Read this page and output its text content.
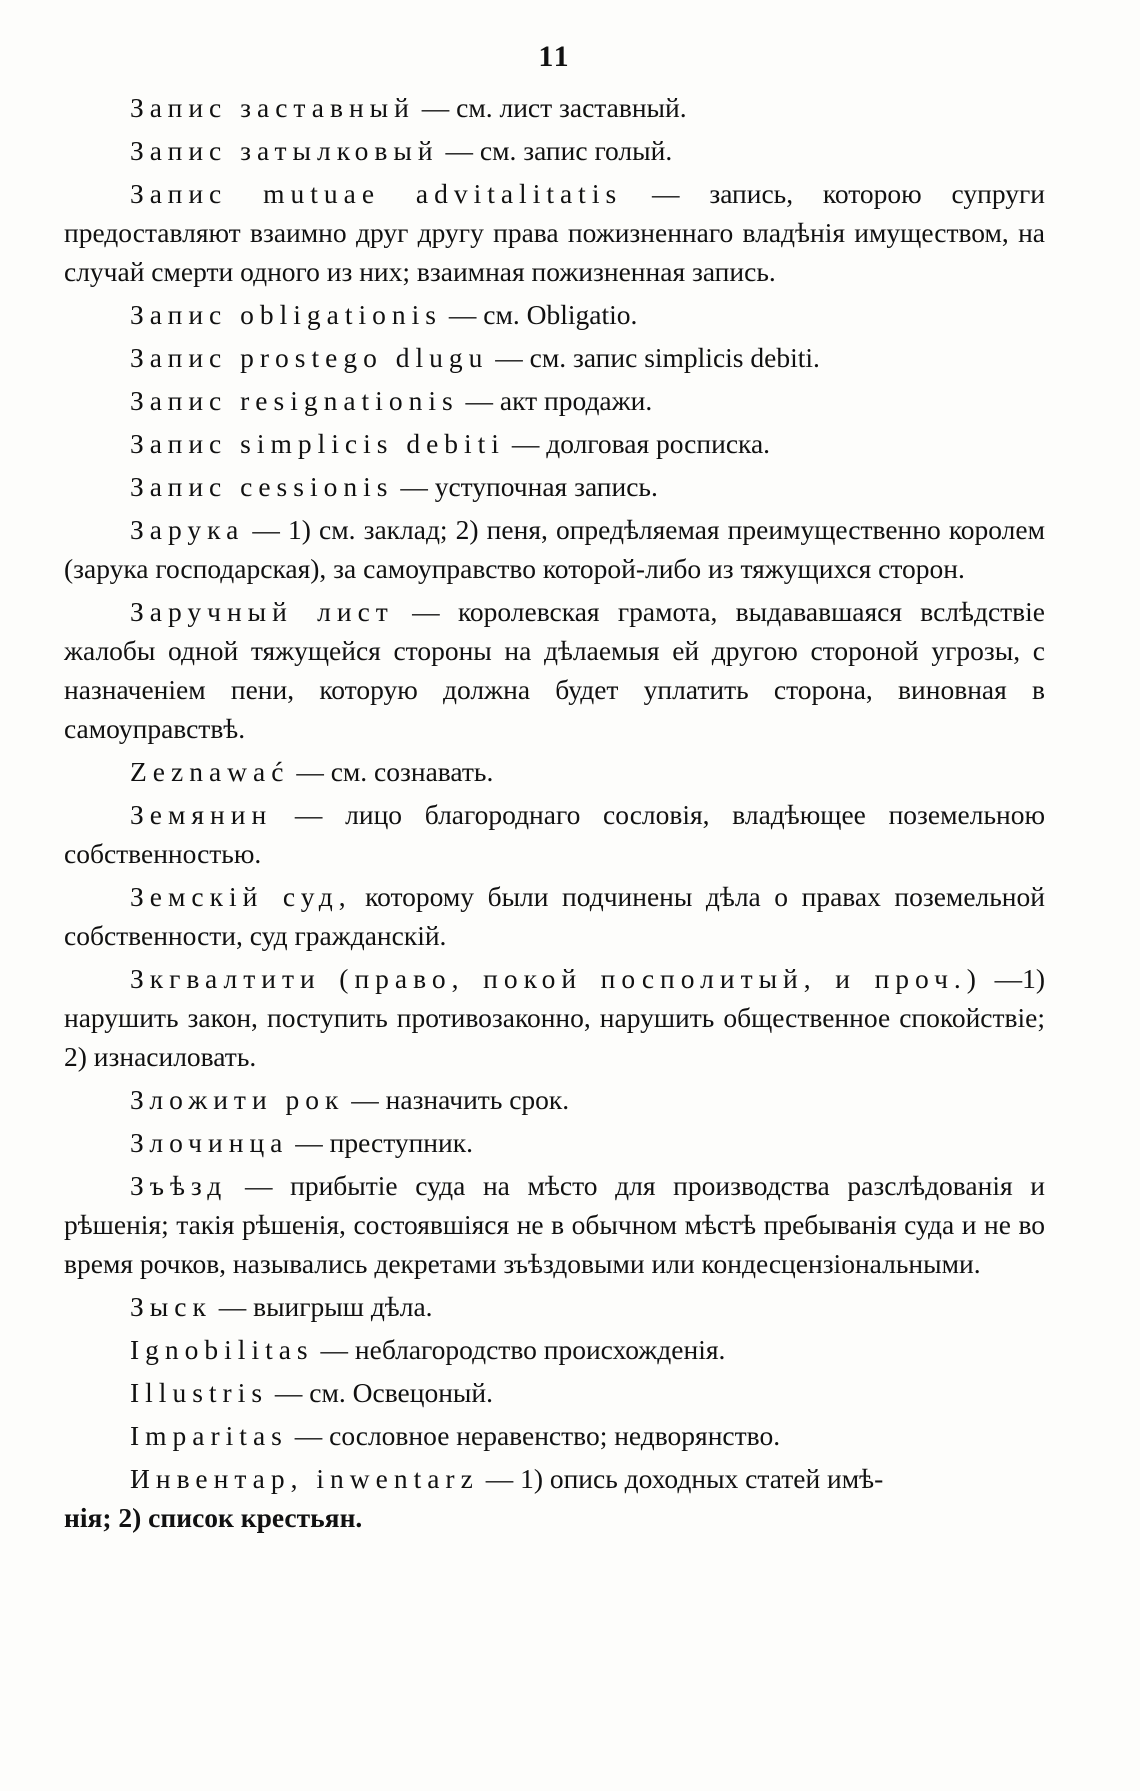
11

Запис заставный — см. лист заставный.

Запис затылковый — см. запис голый.

Запис mutuae advitalitatis — запись, которою супруги предоставляют взаимно друг другу права пожизненнаго владѣнія имуществом, на случай смерти одного из них; взаимная пожизненная запись.

Запис obligationis — см. Obligatio.

Запис prostego dlugu — см. запис simplicis debiti.

Запис resignationis — акт продажи.

Запис simplicis debiti — долговая росписка.

Запис cessionis — уступочная запись.

Зарука — 1) см. заклад; 2) пеня, опредѣляемая преимущественно королем (зарука господарская), за самоуправство которой-либо из тяжущихся сторон.

Заручный лист — королевская грамота, выдававшаяся вслѣдствіе жалобы одной тяжущейся стороны на дѣлаемыя ей другою стороной угрозы, с назначеніем пени, которую должна будет уплатить сторона, виновная в самоуправствѣ.

Zeznawać — см. сознавать.

Земянин — лицо благороднаго сословія, владѣющее поземельною собственностью.

Земскій суд, которому были подчинены дѣла о правах поземельной собственности, суд гражданскій.

Зкгвалтити (право, покой посполитый, и проч.) —1) нарушить закон, поступить противозаконно, нарушить общественное спокойствіе; 2) изнасиловать.

Зложити рок — назначить срок.

Злочинца — преступник.

Зъѣзд — прибытіе суда на мѣсто для производства разслѣдованія и рѣшенія; такія рѣшенія, состоявшіяся не в обычном мѣстѣ пребыванія суда и не во время рочков, назывались декретами зъѣздовыми или кондесцензіональными.

Зыск — выигрыш дѣла.

Ignobilitas — неблагородство происхожденія.

Illustris — см. Освецоный.

Imparitas — сословное неравенство; недворянство.

Инвентар, inwentarz — 1) опись доходных статей имѣ-
нія; 2) список крестьян.
